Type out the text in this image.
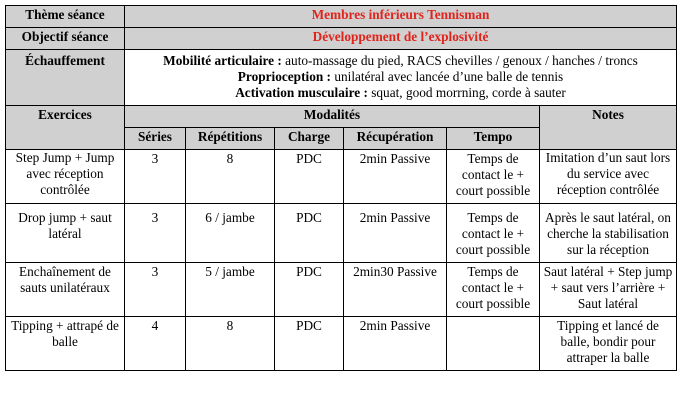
Thème séance	Membres inférieurs Tennisman					
Objectif séance	Développement de l’explosivité					
Échauffement	Mobilité articulaire : auto-massage du pied, RACS chevilles / genoux / hanches / troncs
Proprioception : unilatéral avec lancée d’une balle de tennis
Activation musculaire : squat, good morrning, corde à sauter					

Exercices	Modalités					Notes
	Séries	Répétitions	Charge	Récupération	Tempo	
Step Jump + Jump avec réception contrôlée	3	8	PDC	2min Passive	Temps de contact le + court possible	Imitation d’un saut lors du service avec réception contrôlée
Drop jump + saut latéral	3	6 / jambe	PDC	2min Passive	Temps de contact le + court possible	Après le saut latéral, on cherche la stabilisation sur la réception
Enchaînement de sauts unilatéraux	3	5 / jambe	PDC	2min30 Passive	Temps de contact le + court possible	Saut latéral + Step jump + saut vers l’arrière + Saut latéral
Tipping + attrapé de balle	4	8	PDC	2min Passive		Tipping et lancé de balle, bondir pour attraper la balle
